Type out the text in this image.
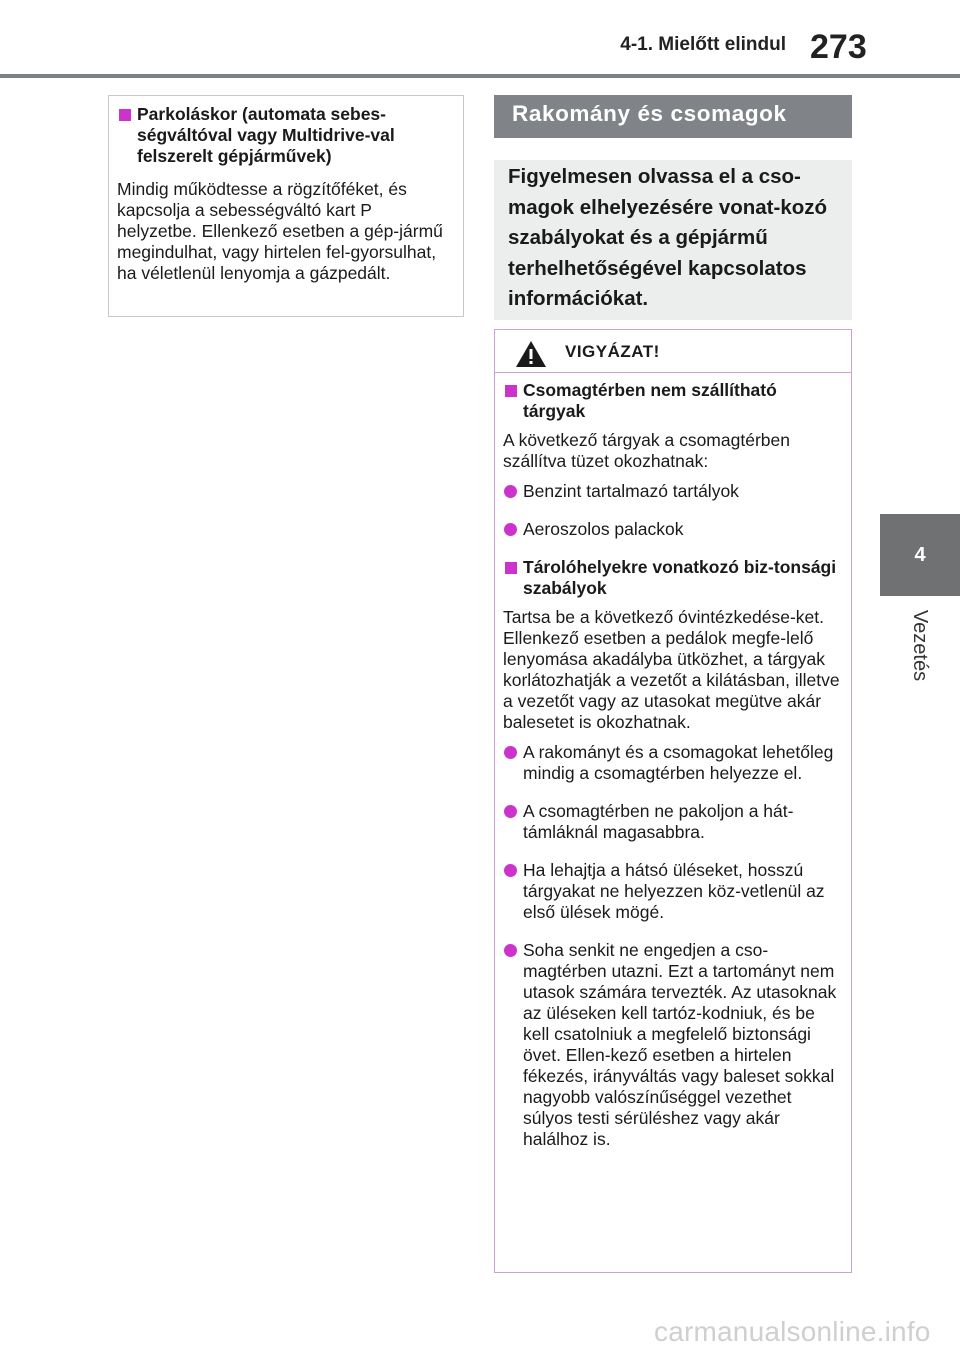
4-1. Mielőtt elindul 273
4
Vezetés
Parkoláskor (automata sebes-ségváltóval vagy Multidrive-val felszerelt gépjárművek)
Mindig működtesse a rögzítőféket, és kapcsolja a sebességváltó kart P helyzetbe. Ellenkező esetben a gép-jármű megindulhat, vagy hirtelen fel-gyorsulhat, ha véletlenül lenyomja a gázpedált.
Rakomány és csomagok
Figyelmesen olvassa el a cso-magok elhelyezésére vonat-kozó szabályokat és a gépjármű terhelhetőségével kapcsolatos információkat.
VIGYÁZAT!
Csomagtérben nem szállítható tárgyak
A következő tárgyak a csomagtérben szállítva tüzet okozhatnak:
Benzint tartalmazó tartályok
Aeroszolos palackok
Tárolóhelyekre vonatkozó biz-tonsági szabályok
Tartsa be a következő óvintézkedése-ket.
Ellenkező esetben a pedálok megfe-lelő lenyomása akadályba ütközhet, a tárgyak korlátozhatják a vezetőt a kilátásban, illetve a vezetőt vagy az utasokat megütve akár balesetet is okozhatnak.
A rakományt és a csomagokat lehetőleg mindig a csomagtérben helyezze el.
A csomagtérben ne pakoljon a hát-támláknál magasabbra.
Ha lehajtja a hátsó üléseket, hosszú tárgyakat ne helyezzen köz-vetlenül az első ülések mögé.
Soha senkit ne engedjen a cso-magtérben utazni. Ezt a tartományt nem utasok számára tervezték. Az utasoknak az üléseken kell tartóz-kodniuk, és be kell csatolniuk a megfelelő biztonsági övet. Ellen-kező esetben a hirtelen fékezés, irányváltás vagy baleset sokkal nagyobb valószínűséggel vezethet súlyos testi sérüléshez vagy akár halálhoz is.
carmanualsonline.info
